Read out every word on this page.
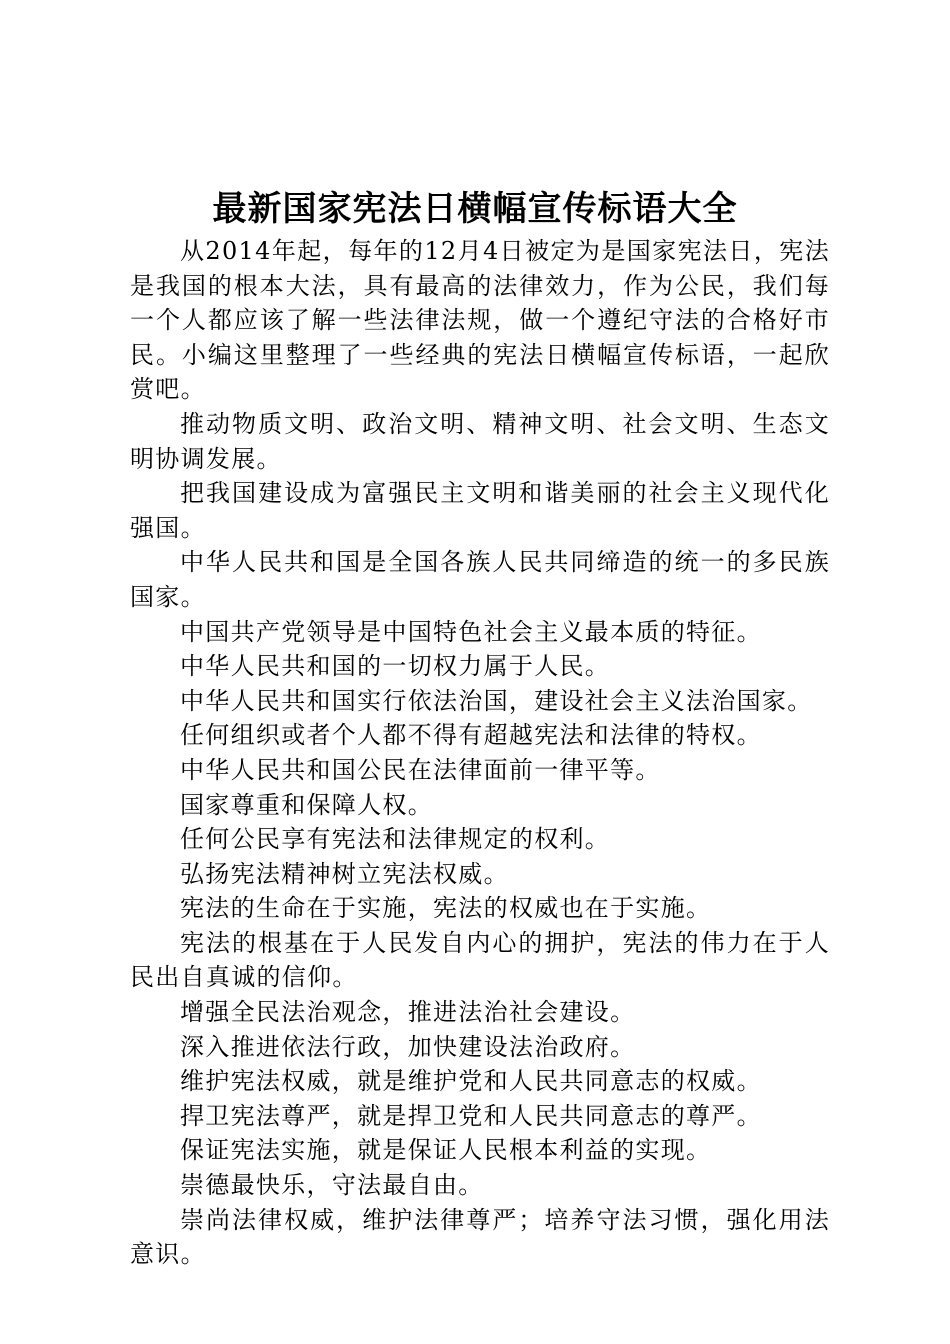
最新国家宪法日横幅宣传标语大全

从2014年起，每年的12月4日被定为是国家宪法日，宪法是我国的根本大法，具有最高的法律效力，作为公民，我们每一个人都应该了解一些法律法规，做一个遵纪守法的合格好市民。小编这里整理了一些经典的宪法日横幅宣传标语，一起欣赏吧。

推动物质文明、政治文明、精神文明、社会文明、生态文明协调发展。

把我国建设成为富强民主文明和谐美丽的社会主义现代化强国。

中华人民共和国是全国各族人民共同缔造的统一的多民族国家。

中国共产党领导是中国特色社会主义最本质的特征。

中华人民共和国的一切权力属于人民。

中华人民共和国实行依法治国，建设社会主义法治国家。

任何组织或者个人都不得有超越宪法和法律的特权。

中华人民共和国公民在法律面前一律平等。

国家尊重和保障人权。

任何公民享有宪法和法律规定的权利。

弘扬宪法精神树立宪法权威。

宪法的生命在于实施，宪法的权威也在于实施。

宪法的根基在于人民发自内心的拥护，宪法的伟力在于人民出自真诚的信仰。

增强全民法治观念，推进法治社会建设。

深入推进依法行政，加快建设法治政府。

维护宪法权威，就是维护党和人民共同意志的权威。

捍卫宪法尊严，就是捍卫党和人民共同意志的尊严。

保证宪法实施，就是保证人民根本利益的实现。

崇德最快乐，守法最自由。

崇尚法律权威，维护法律尊严；培养守法习惯，强化用法意识。
